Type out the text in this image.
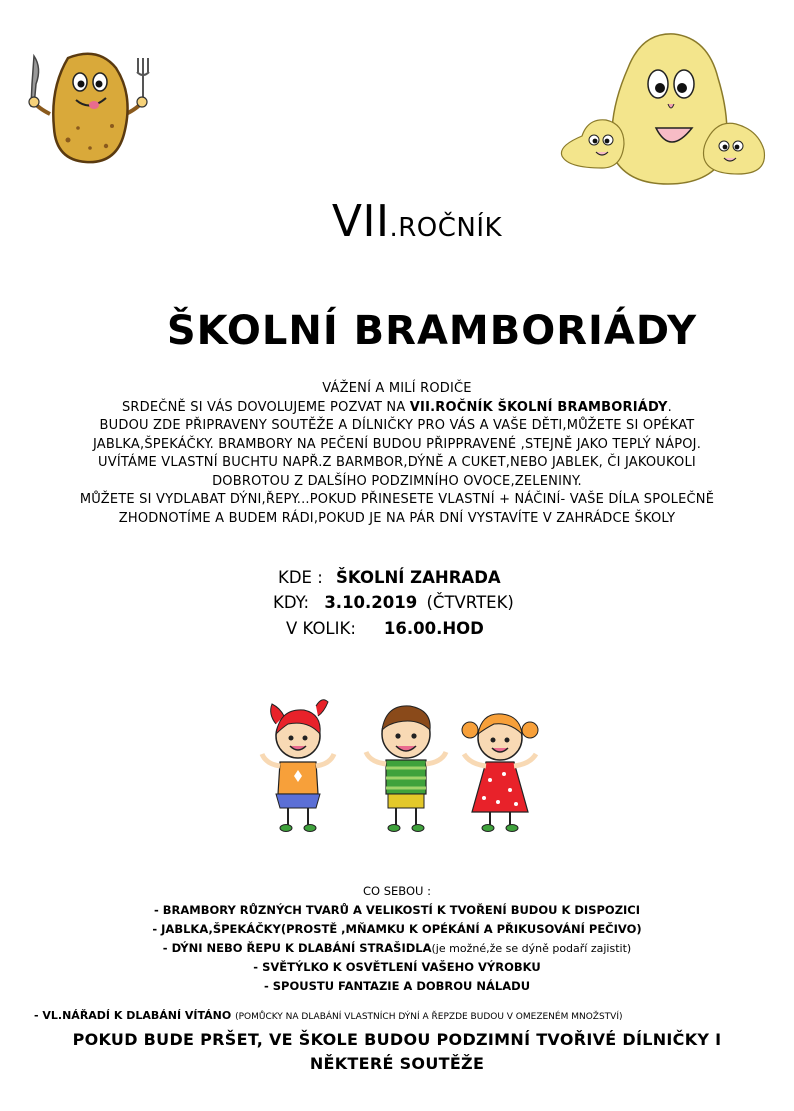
VII.ROČNÍK
ŠKOLNÍ BRAMBORIÁDY
VÁŽENÍ A MILÍ RODIČE
SRDEČNĚ SI VÁS DOVOLUJEME POZVAT NA VII.ROČNÍK ŠKOLNÍ BRAMBORIÁDY.
BUDOU ZDE PŘIPRAVENY SOUTĚŽE A DÍLNIČKY PRO VÁS A VAŠE DĚTI,MŮŽETE SI OPÉKAT
JABLKA,ŠPEKÁČKY. BRAMBORY NA PEČENÍ BUDOU PŘIPPRAVENÉ ,STEJNĚ JAKO TEPLÝ NÁPOJ.
UVÍTÁME VLASTNÍ BUCHTU NAPŘ.Z BARMBOR,DÝNĚ A CUKET,NEBO JABLEK, ČI JAKOUKOLI
DOBROTOU Z DALŠÍHO PODZIMNÍHO OVOCE,ZELENINY.
MŮŽETE SI VYDLABAT DÝNI,ŘEPY...POKUD PŘINESETE VLASTNÍ + NÁČINÍ- VAŠE DÍLA SPOLEČNĚ
ZHODNOTÍME A BUDEM RÁDI,POKUD JE NA PÁR DNÍ VYSTAVÍTE V ZAHRÁDCE ŠKOLY
KDE : ŠKOLNÍ ZAHRADA
KDY: 3.10.2019 (ČTVRTEK)
V KOLIK: 16.00.HOD
CO SEBOU :
- BRAMBORY RŮZNÝCH TVARŮ A VELIKOSTÍ K TVOŘENÍ BUDOU K DISPOZICI
- JABLKA,ŠPEKÁČKY(PROSTĚ ,MŇAMKU K OPÉKÁNÍ A PŘIKUSOVÁNÍ PEČIVO)
- DÝNI NEBO ŘEPU K DLABÁNÍ STRAŠIDLA(je možné,že se dýně podaří zajistit)
- SVĚTÝLKO K OSVĚTLENÍ VAŠEHO VÝROBKU
- SPOUSTU FANTAZIE A DOBROU NÁLADU
- VL.NÁŘADÍ K DLABÁNÍ VÍTÁNO (POMŮCKY NA DLABÁNÍ VLASTNÍCH DÝNÍ A ŘEPZDE BUDOU V OMEZENÉM MNOŽSTVÍ)
POKUD BUDE PRŠET, VE ŠKOLE BUDOU PODZIMNÍ TVOŘIVÉ DÍLNIČKY I
NĚKTERÉ SOUTĚŽE
